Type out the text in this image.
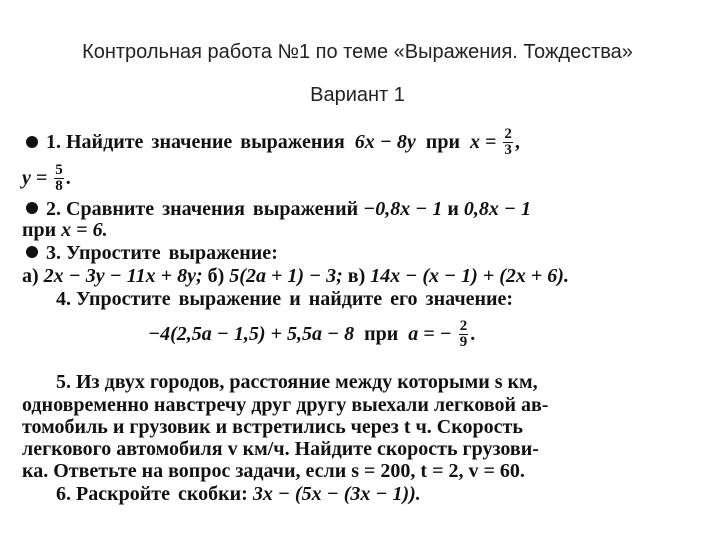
Контрольная работа №1 по теме «Выражения. Тождества»
Вариант 1
1. Найдите значение выражения 6x − 8y при $x = \frac{2}{3}$ ,
$y = \frac{5}{8}$ .
2. Сравните значения выражений −0,8x − 1 и 0,8x − 1
при x = 6.
3. Упростите выражение:
а) 2x − 3y − 11x + 8y; б) 5(2a + 1) − 3; в) 14x − (x − 1) + (2x + 6).
4. Упростите выражение и найдите его значение:
−4(2,5a − 1,5) + 5,5a − 8 при a = − $\frac{2}{9}$ .
5. Из двух городов, расстояние между которыми s км,
одновременно навстречу друг другу выехали легковой ав-
томобиль и грузовик и встретились через t ч. Скорость
легкового автомобиля v км/ч. Найдите скорость грузови-
ка. Ответьте на вопрос задачи, если s = 200, t = 2, v = 60.
6. Раскройте скобки: 3x − (5x − (3x − 1)).
